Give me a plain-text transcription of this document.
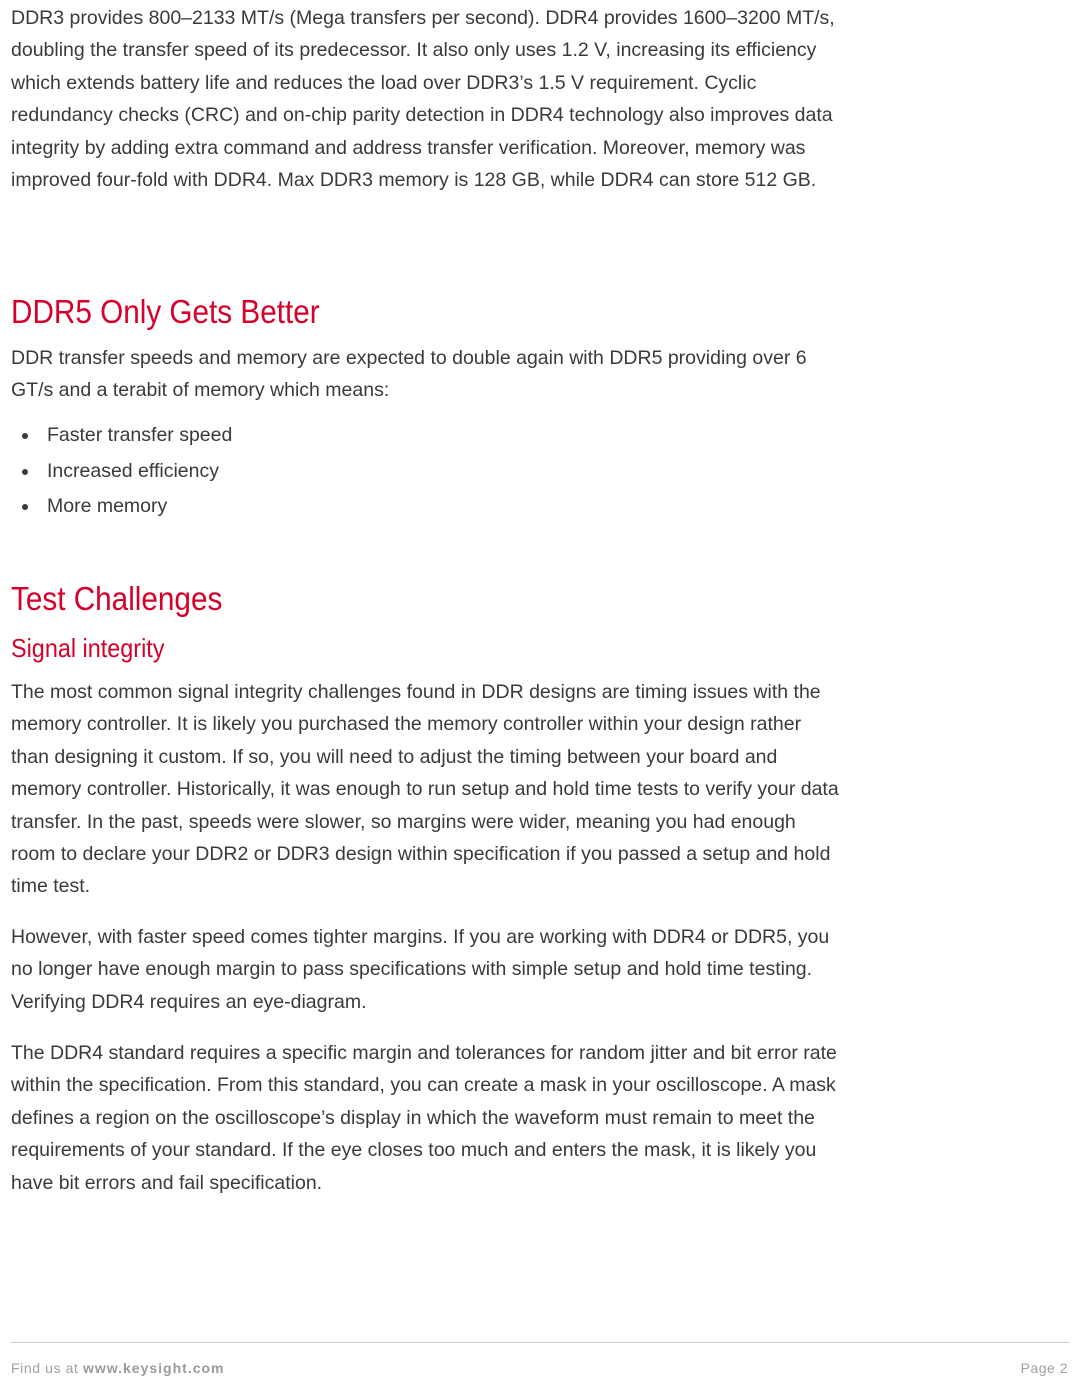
DDR3 provides 800–2133 MT/s (Mega transfers per second). DDR4 provides 1600–3200 MT/s, doubling the transfer speed of its predecessor. It also only uses 1.2 V, increasing its efficiency which extends battery life and reduces the load over DDR3’s 1.5 V requirement. Cyclic redundancy checks (CRC) and on-chip parity detection in DDR4 technology also improves data integrity by adding extra command and address transfer verification. Moreover, memory was improved four-fold with DDR4. Max DDR3 memory is 128 GB, while DDR4 can store 512 GB.

DDR5 Only Gets Better

DDR transfer speeds and memory are expected to double again with DDR5 providing over 6 GT/s and a terabit of memory which means:

Faster transfer speed
Increased efficiency
More memory
Test Challenges
Signal integrity

The most common signal integrity challenges found in DDR designs are timing issues with the memory controller. It is likely you purchased the memory controller within your design rather than designing it custom. If so, you will need to adjust the timing between your board and memory controller. Historically, it was enough to run setup and hold time tests to verify your data transfer. In the past, speeds were slower, so margins were wider, meaning you had enough room to declare your DDR2 or DDR3 design within specification if you passed a setup and hold time test.

However, with faster speed comes tighter margins. If you are working with DDR4 or DDR5, you no longer have enough margin to pass specifications with simple setup and hold time testing. Verifying DDR4 requires an eye-diagram.

The DDR4 standard requires a specific margin and tolerances for random jitter and bit error rate within the specification. From this standard, you can create a mask in your oscilloscope. A mask defines a region on the oscilloscope’s display in which the waveform must remain to meet the requirements of your standard. If the eye closes too much and enters the mask, it is likely you have bit errors and fail specification.

Find us at www.keysight.com	Page 2
